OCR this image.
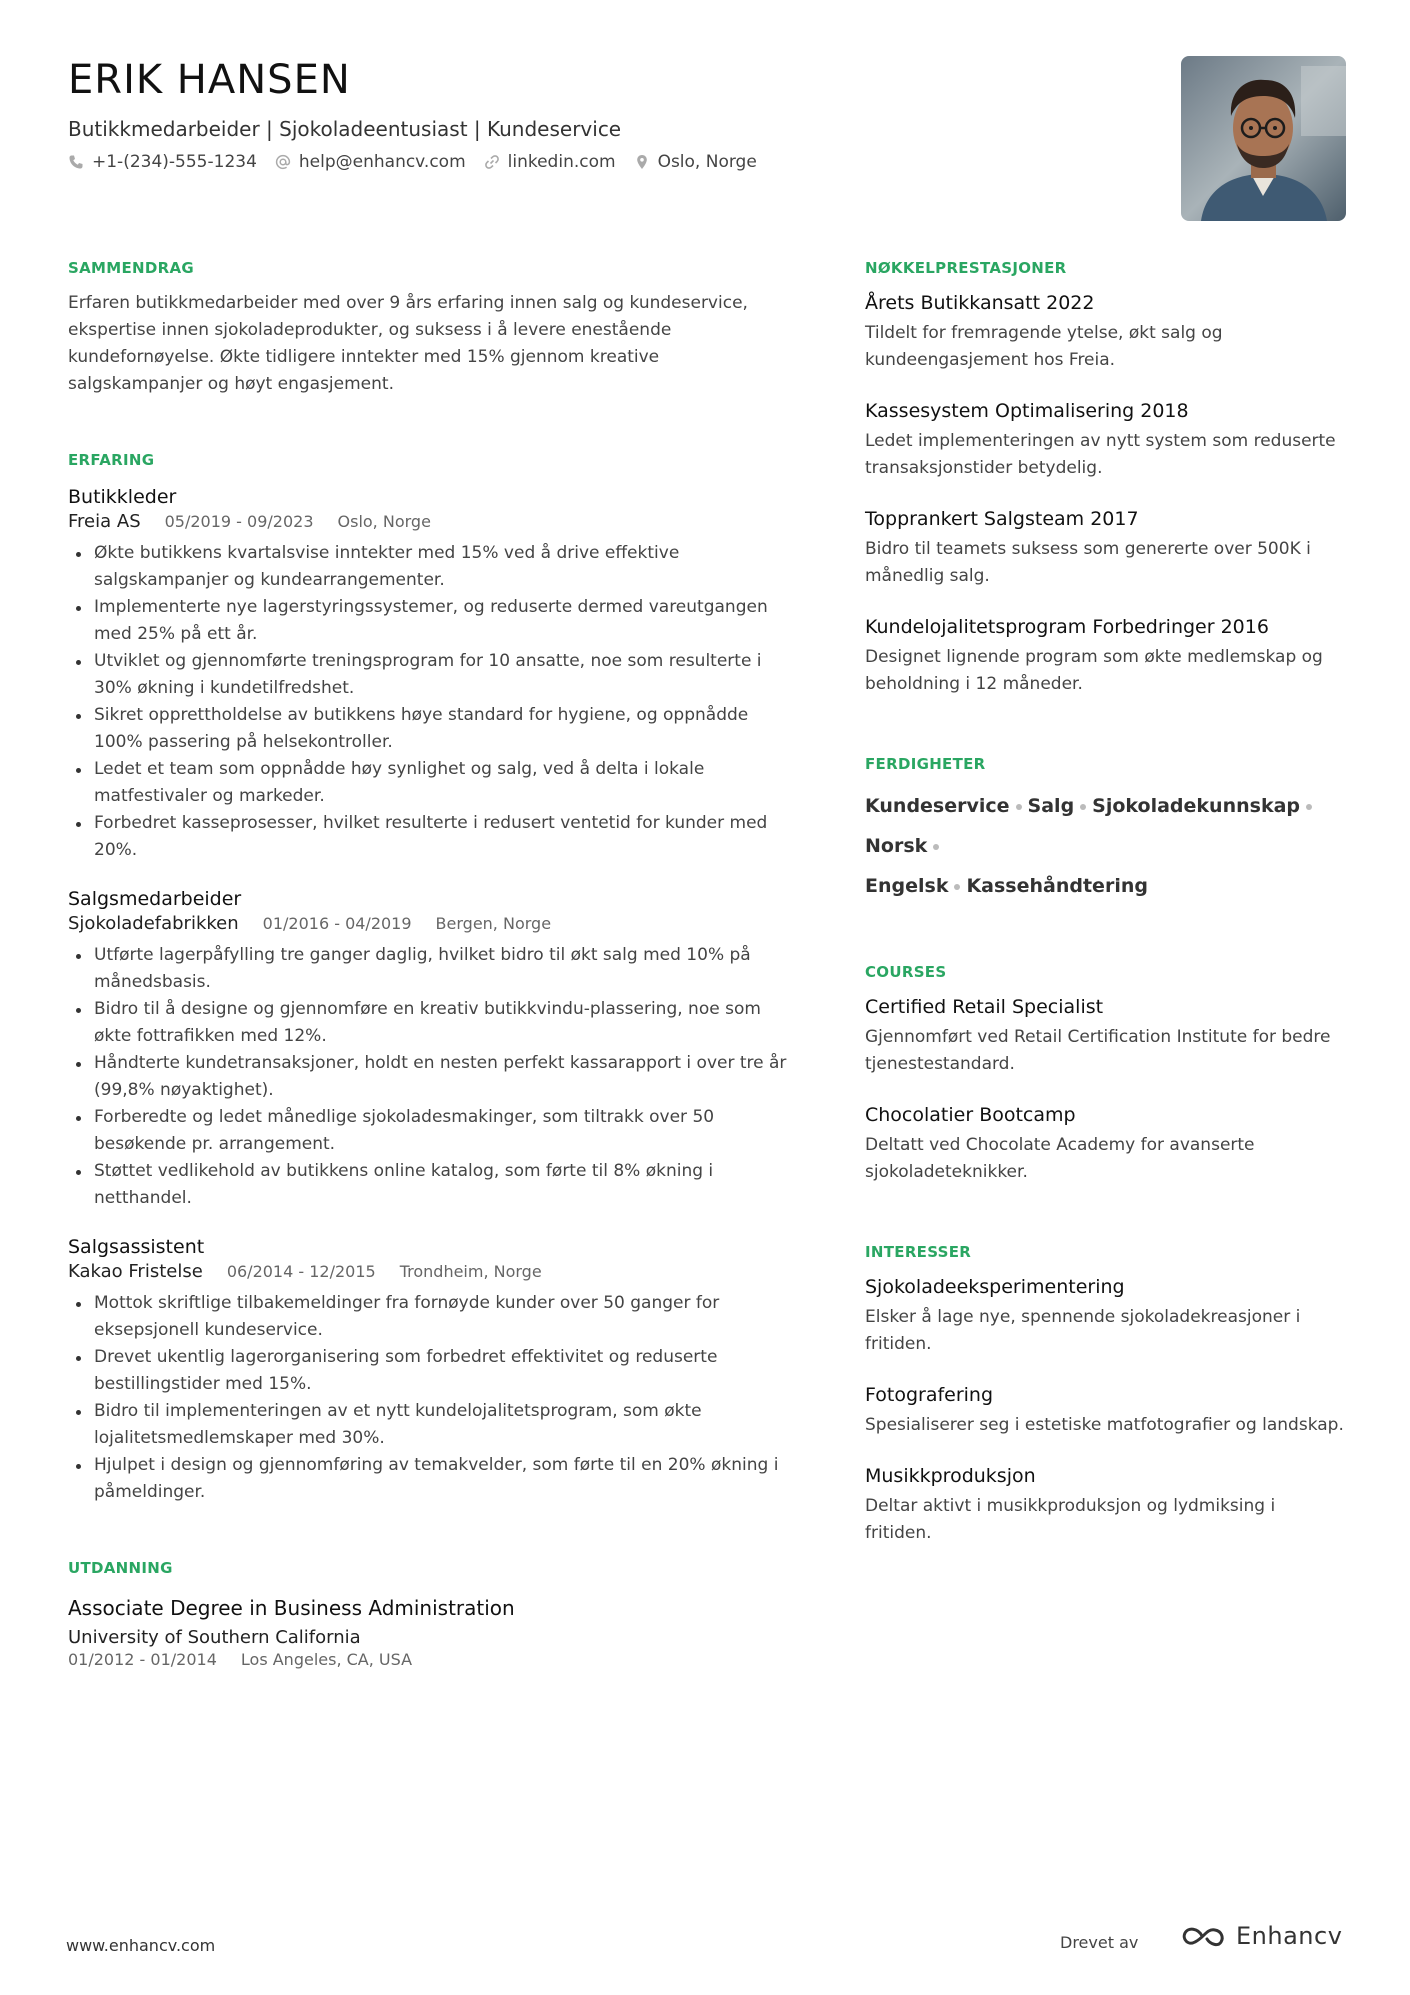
ERIK HANSEN
Butikkmedarbeider | Sjokoladeentusiast | Kundeservice
+1-(234)-555-1234 help@enhancv.com linkedin.com Oslo, Norge
SAMMENDRAG

Erfaren butikkmedarbeider med over 9 års erfaring innen salg og kundeservice, ekspertise innen sjokoladeprodukter, og suksess i å levere enestående kundefornøyelse. Økte tidligere inntekter med 15% gjennom kreative salgskampanjer og høyt engasjement.

ERFARING
Butikkleder
Freia AS 05/2019 - 09/2023 Oslo, Norge
Økte butikkens kvartalsvise inntekter med 15% ved å drive effektive salgskampanjer og kundearrangementer.
Implementerte nye lagerstyringssystemer, og reduserte dermed vareutgangen med 25% på ett år.
Utviklet og gjennomførte treningsprogram for 10 ansatte, noe som resulterte i 30% økning i kundetilfredshet.
Sikret opprettholdelse av butikkens høye standard for hygiene, og oppnådde 100% passering på helsekontroller.
Ledet et team som oppnådde høy synlighet og salg, ved å delta i lokale matfestivaler og markeder.
Forbedret kasseprosesser, hvilket resulterte i redusert ventetid for kunder med 20%.
Salgsmedarbeider
Sjokoladefabrikken 01/2016 - 04/2019 Bergen, Norge
Utførte lagerpåfylling tre ganger daglig, hvilket bidro til økt salg med 10% på månedsbasis.
Bidro til å designe og gjennomføre en kreativ butikkvindu-plassering, noe som økte fottrafikken med 12%.
Håndterte kundetransaksjoner, holdt en nesten perfekt kassarapport i over tre år (99,8% nøyaktighet).
Forberedte og ledet månedlige sjokoladesmakinger, som tiltrakk over 50 besøkende pr. arrangement.
Støttet vedlikehold av butikkens online katalog, som førte til 8% økning i netthandel.
Salgsassistent
Kakao Fristelse 06/2014 - 12/2015 Trondheim, Norge
Mottok skriftlige tilbakemeldinger fra fornøyde kunder over 50 ganger for eksepsjonell kundeservice.
Drevet ukentlig lagerorganisering som forbedret effektivitet og reduserte bestillingstider med 15%.
Bidro til implementeringen av et nytt kundelojalitetsprogram, som økte lojalitetsmedlemskaper med 30%.
Hjulpet i design og gjennomføring av temakvelder, som førte til en 20% økning i påmeldinger.
UTDANNING
Associate Degree in Business Administration
University of Southern California
01/2012 - 01/2014 Los Angeles, CA, USA
NØKKELPRESTASJONER
Årets Butikkansatt 2022
Tildelt for fremragende ytelse, økt salg og kundeengasjement hos Freia.
Kassesystem Optimalisering 2018
Ledet implementeringen av nytt system som reduserte transaksjonstider betydelig.
Topprankert Salgsteam 2017
Bidro til teamets suksess som genererte over 500K i månedlig salg.
Kundelojalitetsprogram Forbedringer 2016
Designet lignende program som økte medlemskap og beholdning i 12 måneder.
FERDIGHETER
Kundeservice Salg SjokoladekunnskapNorsk
Engelsk Kassehåndtering
COURSES
Certified Retail Specialist
Gjennomført ved Retail Certification Institute for bedre tjenestestandard.
Chocolatier Bootcamp
Deltatt ved Chocolate Academy for avanserte sjokoladeteknikker.
INTERESSER
Sjokoladeeksperimentering
Elsker å lage nye, spennende sjokoladekreasjoner i fritiden.
Fotografering
Spesialiserer seg i estetiske matfotografier og landskap.
Musikkproduksjon
Deltar aktivt i musikkproduksjon og lydmiksing i fritiden.
www.enhancv.com	Drevet av	Enhancv
